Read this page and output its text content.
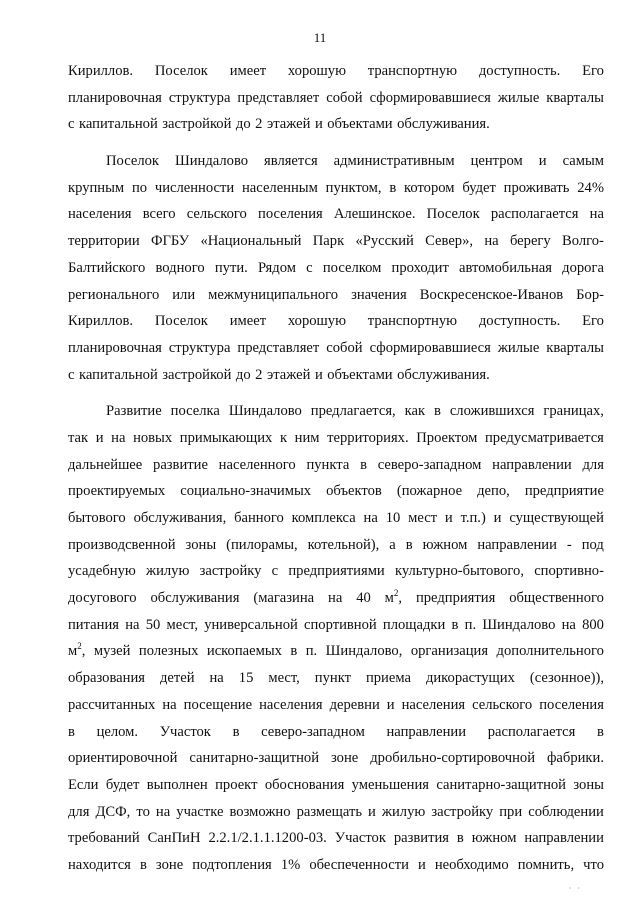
11
Кириллов. Поселок имеет хорошую транспортную доступность. Его
планировочная структура представляет собой сформировавшиеся жилые кварталы
с капитальной застройкой до 2 этажей и объектами обслуживания.
Поселок Шиндалово является административным центром и самым
крупным по численности населенным пунктом, в котором будет проживать 24%
населения всего сельского поселения Алешинское. Поселок располагается на
территории ФГБУ «Национальный Парк «Русский Север», на берегу Волго-
Балтийского водного пути. Рядом с поселком проходит автомобильная дорога
регионального или межмуниципального значения Воскресенское-Иванов Бор-
Кириллов. Поселок имеет хорошую транспортную доступность. Его
планировочная структура представляет собой сформировавшиеся жилые кварталы
с капитальной застройкой до 2 этажей и объектами обслуживания.
Развитие поселка Шиндалово предлагается, как в сложившихся границах,
так и на новых примыкающих к ним территориях. Проектом предусматривается
дальнейшее развитие населенного пункта в северо-западном направлении для
проектируемых социально-значимых объектов (пожарное депо, предприятие
бытового обслуживания, банного комплекса на 10 мест и т.п.) и существующей
производсвенной зоны (пилорамы, котельной), а в южном направлении - под
усадебную жилую застройку с предприятиями культурно-бытового, спортивно-
досугового обслуживания (магазина на 40 $м^2$, предприятия общественного
питания на 50 мест, универсальной спортивной площадки в п. Шиндалово на 800
$м^2$, музей полезных ископаемых в п. Шиндалово, организация дополнительного
образования детей на 15 мест, пункт приема дикорастущих (сезонное)),
рассчитанных на посещение населения деревни и населения сельского поселения
в целом. Участок в северо-западном направлении располагается в
ориентировочной санитарно-защитной зоне дробильно-сортировочной фабрики.
Если будет выполнен проект обоснования уменьшения санитарно-защитной зоны
для ДСФ, то на участке возможно размещать и жилую застройку при соблюдении
требований СанПиН 2.2.1/2.1.1.1200-03. Участок развития в южном направлении
находится в зоне подтопления 1% обеспеченности и необходимо помнить, что
· ·
